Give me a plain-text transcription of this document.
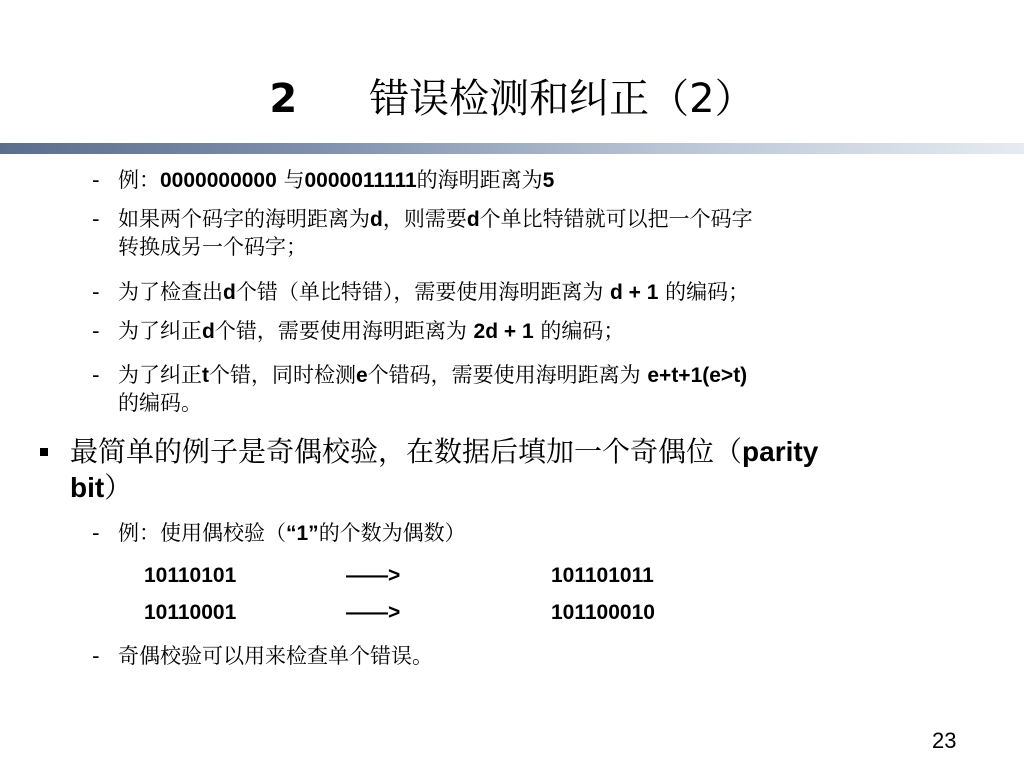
2 错误检测和纠正（2）
- 例：0000000000 与0000011111的海明距离为5
- 如果两个码字的海明距离为d，则需要d个单比特错就可以把一个码字
转换成另一个码字；
- 为了检查出d个错（单比特错），需要使用海明距离为 d + 1 的编码；
- 为了纠正d个错，需要使用海明距离为 2d + 1 的编码；
- 为了纠正t个错，同时检测e个错码，需要使用海明距离为 e+t+1(e>t)
的编码。
最简单的例子是奇偶校验，在数据后填加一个奇偶位（parity
bit）
- 例：使用偶校验（“1”的个数为偶数）
10110101	——>	101101011
10110001	——>	101100010
- 奇偶校验可以用来检查单个错误。
23
